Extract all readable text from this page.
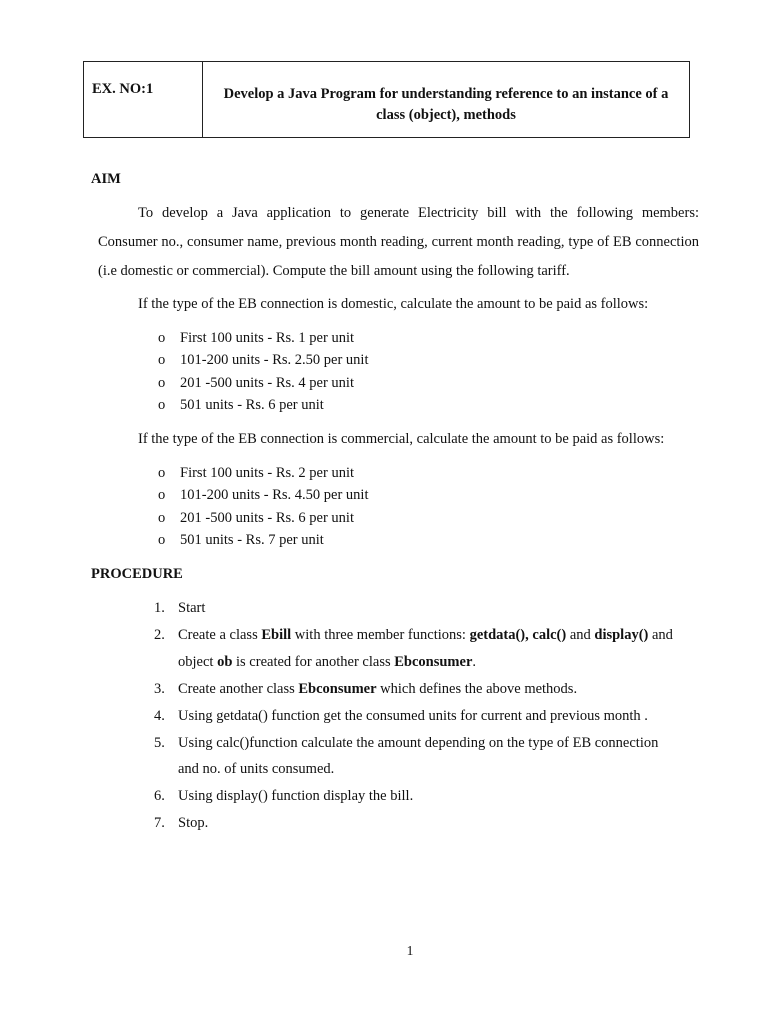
EX. NO:1	Develop a Java Program for understanding reference to an instance of a class (object), methods
AIM
To develop a Java application to generate Electricity bill with the following members: Consumer no., consumer name, previous month reading, current month reading, type of EB connection (i.e domestic or commercial). Compute the bill amount using the following tariff.
If the type of the EB connection is domestic, calculate the amount to be paid as follows:
o First 100 units - Rs. 1 per unit
o 101-200 units - Rs. 2.50 per unit
o 201 -500 units - Rs. 4 per unit
o 501 units - Rs. 6 per unit
If the type of the EB connection is commercial, calculate the amount to be paid as follows:
o First 100 units - Rs. 2 per unit
o 101-200 units - Rs. 4.50 per unit
o 201 -500 units - Rs. 6 per unit
o 501 units - Rs. 7 per unit
PROCEDURE
1. Start
2. Create a class Ebill with three member functions: getdata(), calc() and display() and object ob is created for another class Ebconsumer.
3. Create another class Ebconsumer which defines the above methods.
4. Using getdata() function get the consumed units for current and previous month .
5. Using calc()function calculate the amount depending on the type of EB connection and no. of units consumed.
6. Using display() function display the bill.
7. Stop.
1
